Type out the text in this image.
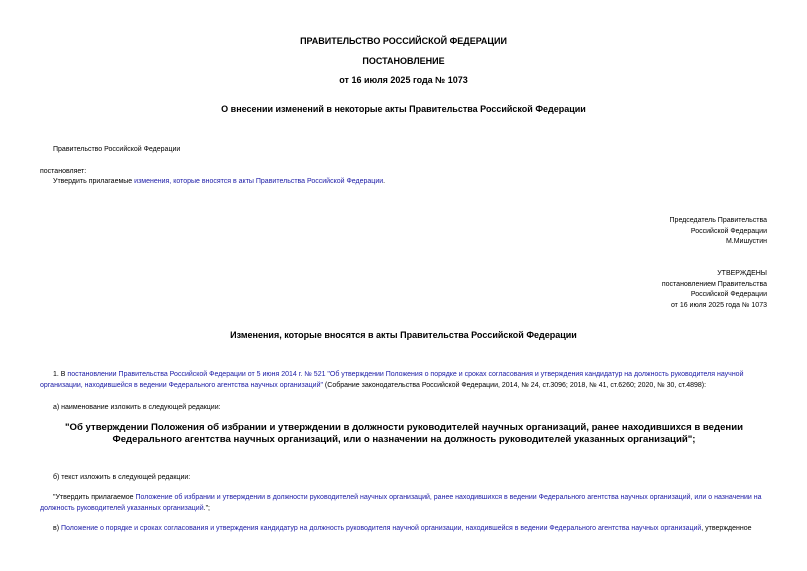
ПРАВИТЕЛЬСТВО РОССИЙСКОЙ ФЕДЕРАЦИИ
ПОСТАНОВЛЕНИЕ
от 16 июля 2025 года № 1073
О внесении изменений в некоторые акты Правительства Российской Федерации
Правительство Российской Федерации
постановляет:
Утвердить прилагаемые изменения, которые вносятся в акты Правительства Российской Федерации.
Председатель Правительства
Российской Федерации
М.Мишустин
УТВЕРЖДЕНЫ
постановлением Правительства
Российской Федерации
от 16 июля 2025 года № 1073
Изменения, которые вносятся в акты Правительства Российской Федерации
1. В постановлении Правительства Российской Федерации от 5 июня 2014 г. № 521 "Об утверждении Положения о порядке и сроках согласования и утверждения кандидатур на должность руководителя научной организации, находившейся в ведении Федерального агентства научных организаций" (Собрание законодательства Российской Федерации, 2014, № 24, ст.3096; 2018, № 41, ст.6260; 2020, № 30, ст.4898):
а) наименование изложить в следующей редакции:
"Об утверждении Положения об избрании и утверждении в должности руководителей научных организаций, ранее находившихся в ведении Федерального агентства научных организаций, или о назначении на должность руководителей указанных организаций";
б) текст изложить в следующей редакции:
"Утвердить прилагаемое Положение об избрании и утверждении в должности руководителей научных организаций, ранее находившихся в ведении Федерального агентства научных организаций, или о назначении на должность руководителей указанных организаций.";
в) Положение о порядке и сроках согласования и утверждения кандидатур на должность руководителя научной организации, находившейся в ведении Федерального агентства научных организаций, утвержденное
